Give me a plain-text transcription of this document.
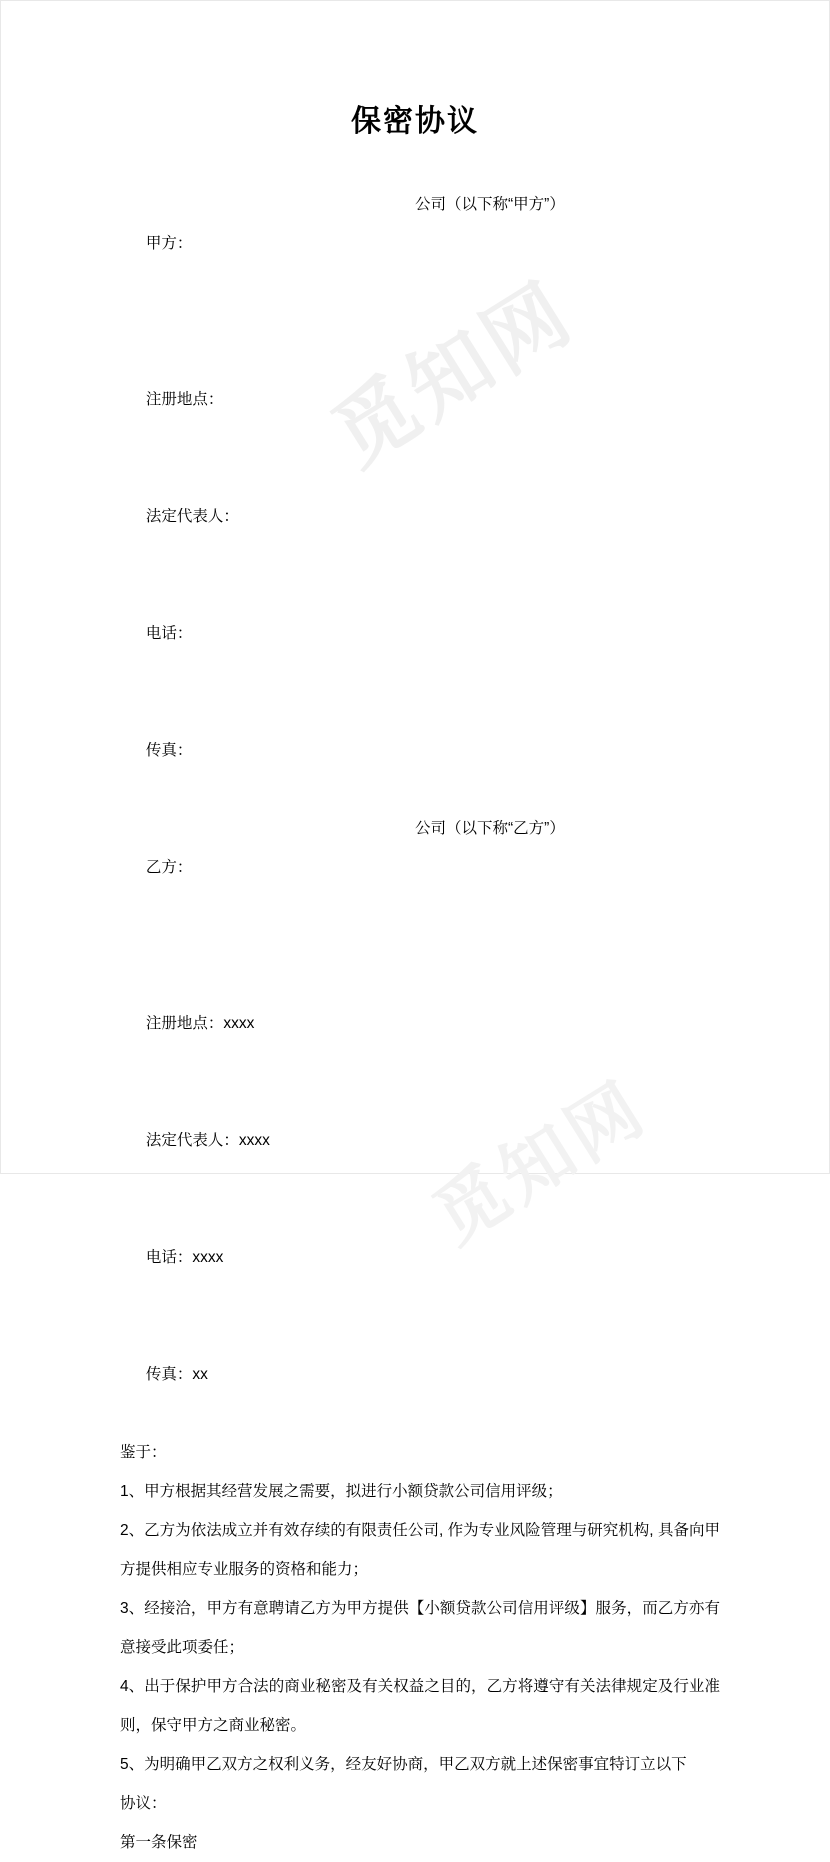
觅知网
觅知网
保密协议

甲方：

公司（以下称“甲方”）

注册地点：

法定代表人：

电话：

传真：

乙方：

公司（以下称“乙方”）

注册地点：xxxx

法定代表人：xxxx

电话：xxxx

传真：xx

鉴于：
1、甲方根据其经营发展之需要，拟进行小额贷款公司信用评级；
2、乙方为依法成立并有效存续的有限责任公司, 作为专业风险管理与研究机构, 具备向甲方提供相应专业服务的资格和能力；
3、经接洽，甲方有意聘请乙方为甲方提供【小额贷款公司信用评级】服务，而乙方亦有意接受此项委任；
4、出于保护甲方合法的商业秘密及有关权益之目的，乙方将遵守有关法律规定及行业准则，保守甲方之商业秘密。
5、为明确甲乙双方之权利义务，经友好协商，甲乙双方就上述保密事宜特订立以下
协议：
第一条保密
